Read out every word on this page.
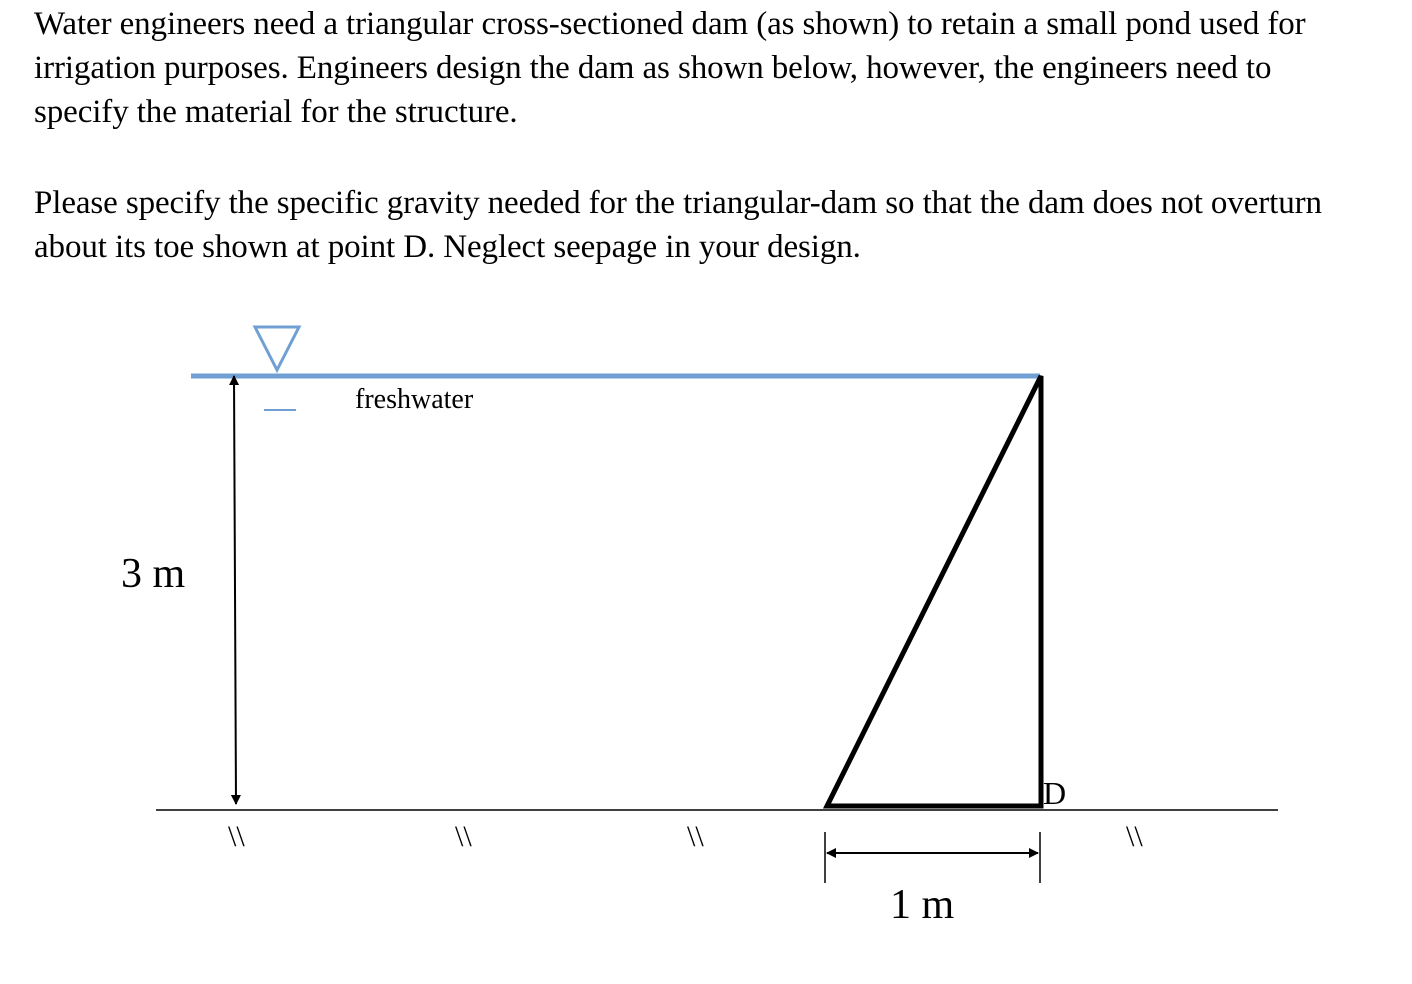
Water engineers need a triangular cross-sectioned dam (as shown) to retain a small pond used for irrigation purposes. Engineers design the dam as shown below, however, the engineers need to specify the material for the structure.

Please specify the specific gravity needed for the triangular-dam so that the dam does not overturn about its toe shown at point D. Neglect seepage in your design.

freshwater
3 m
\\	\\	\\	\\
D
1 m
